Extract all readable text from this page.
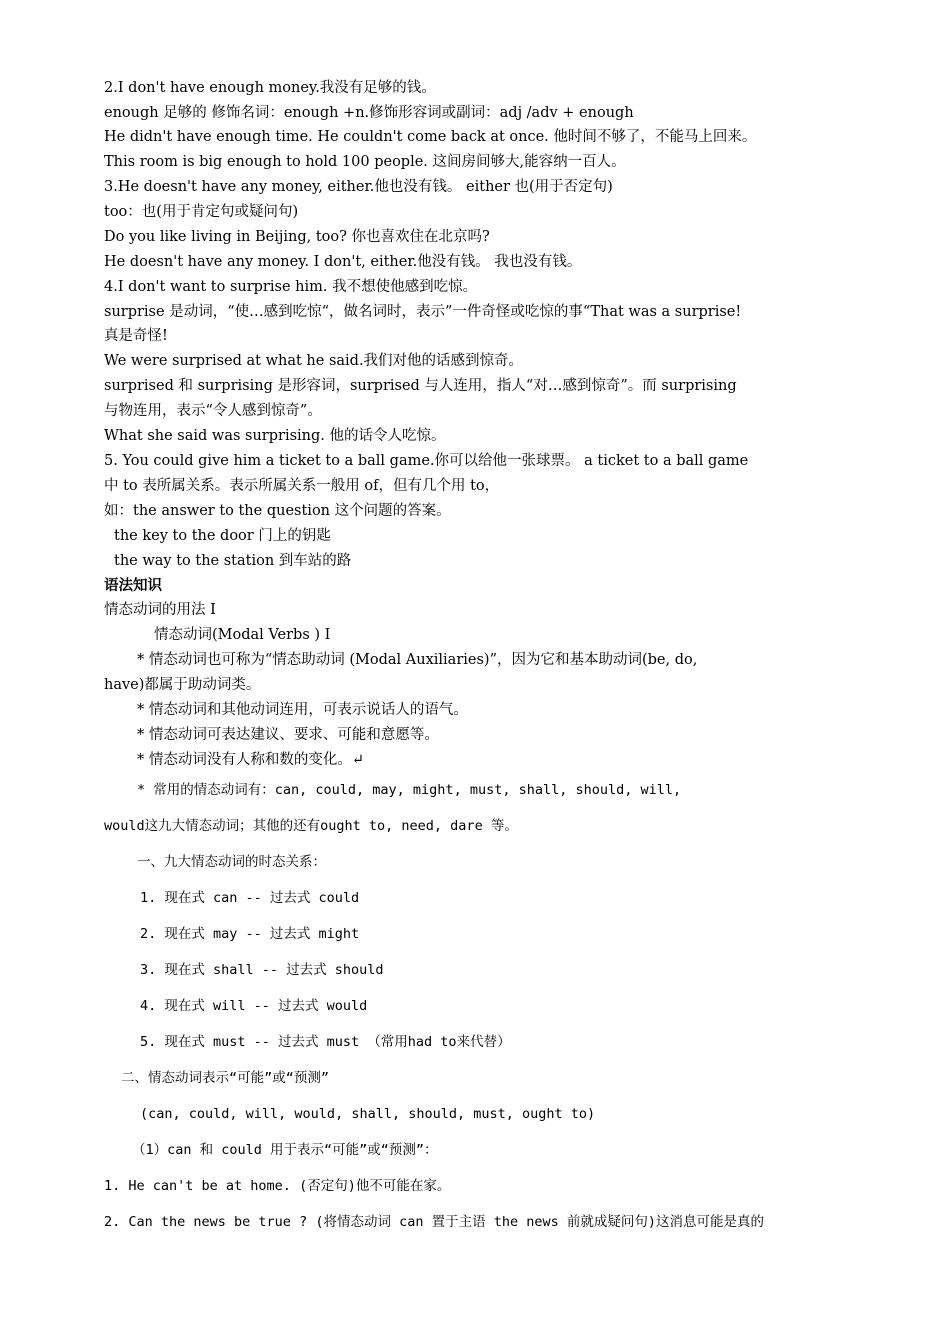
2.I don't have enough money.我没有足够的钱。
enough 足够的 修饰名词：enough +n.修饰形容词或副词：adj /adv + enough
He didn't have enough time. He couldn't come back at once. 他时间不够了，不能马上回来。
This room is big enough to hold 100 people. 这间房间够大,能容纳一百人。
3.He doesn't have any money, either.他也没有钱。 either 也(用于否定句)
too：也(用于肯定句或疑问句)
Do you like living in Beijing, too? 你也喜欢住在北京吗?
He doesn't have any money. I don't, either.他没有钱。 我也没有钱。
4.I don't want to surprise him. 我不想使他感到吃惊。
surprise 是动词，“使…感到吃惊“，做名词时，表示”一件奇怪或吃惊的事“That was a surprise!
真是奇怪!
We were surprised at what he said.我们对他的话感到惊奇。
surprised 和 surprising 是形容词，surprised 与人连用，指人“对…感到惊奇”。而 surprising
与物连用，表示“令人感到惊奇”。
What she said was surprising. 他的话令人吃惊。
5. You could give him a ticket to a ball game.你可以给他一张球票。 a ticket to a ball game
中 to 表所属关系。表示所属关系一般用 of，但有几个用 to，
如：the answer to the question 这个问题的答案。
the key to the door 门上的钥匙
the way to the station 到车站的路
语法知识
情态动词的用法 I
情态动词(Modal Verbs ) I
* 情态动词也可称为“情态助动词 (Modal Auxiliaries)”，因为它和基本助动词(be, do,
have)都属于助动词类。
* 情态动词和其他动词连用，可表示说话人的语气。
* 情态动词可表达建议、要求、可能和意愿等。
* 情态动词没有人称和数的变化。↵
* 常用的情态动词有：can, could, may, might, must, shall, should, will,
would这九大情态动词；其他的还有ought to, need, dare 等。
一、九大情态动词的时态关系：
1. 现在式 can -- 过去式 could
2. 现在式 may -- 过去式 might
3. 现在式 shall -- 过去式 should
4. 现在式 will -- 过去式 would
5. 现在式 must -- 过去式 must （常用had to来代替）
二、情态动词表示“可能”或“预测”
(can, could, will, would, shall, should, must, ought to)
（1）can 和 could 用于表示“可能”或“预测”：
1. He can't be at home. (否定句)他不可能在家。
2. Can the news be true ? (将情态动词 can 置于主语 the news 前就成疑问句)这消息可能是真的
